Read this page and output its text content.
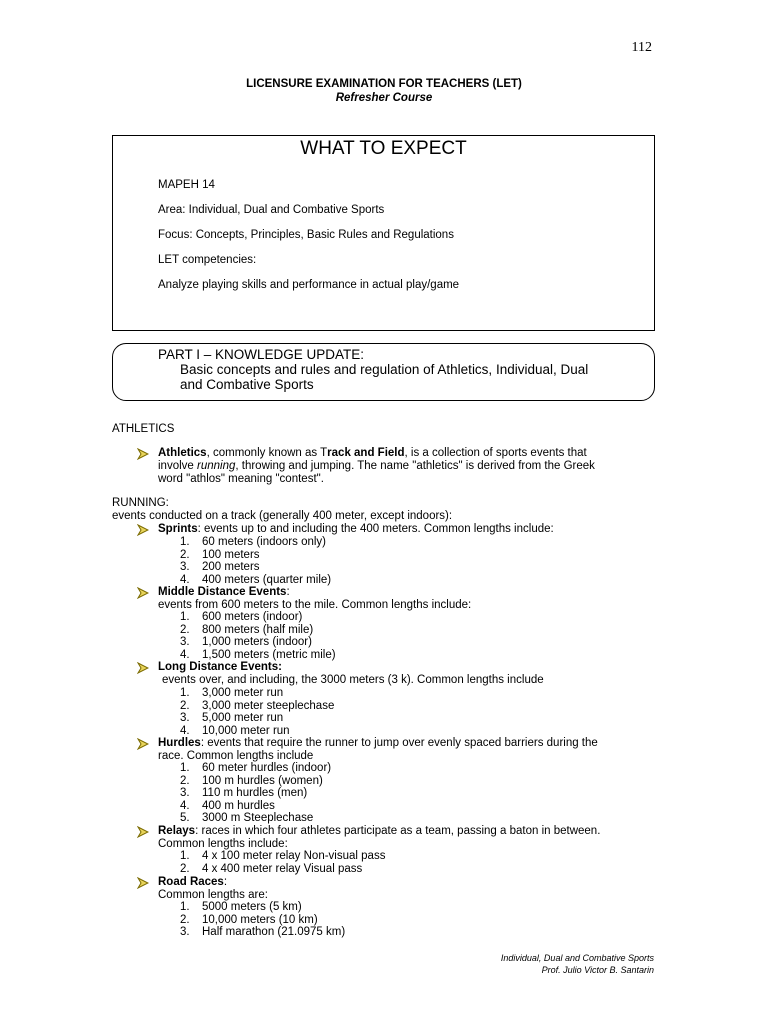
112
LICENSURE EXAMINATION FOR TEACHERS (LET)
Refresher Course
WHAT TO EXPECT
MAPEH 14
Area: Individual, Dual and Combative Sports
Focus: Concepts, Principles, Basic Rules and Regulations
LET competencies:
Analyze playing skills and performance in actual play/game
PART I – KNOWLEDGE UPDATE:
Basic concepts and rules and regulation of Athletics, Individual, Dual
and Combative Sports
ATHLETICS
Athletics, commonly known as Track and Field, is a collection of sports events that
involve running, throwing and jumping. The name "athletics" is derived from the Greek
word "athlos" meaning "contest".
RUNNING:
events conducted on a track (generally 400 meter, except indoors):
Sprints: events up to and including the 400 meters. Common lengths include:
1. 60 meters (indoors only)
2. 100 meters
3. 200 meters
4. 400 meters (quarter mile)
Middle Distance Events:
events from 600 meters to the mile. Common lengths include:
1. 600 meters (indoor)
2. 800 meters (half mile)
3. 1,000 meters (indoor)
4. 1,500 meters (metric mile)
Long Distance Events:
events over, and including, the 3000 meters (3 k). Common lengths include
1. 3,000 meter run
2. 3,000 meter steeplechase
3. 5,000 meter run
4. 10,000 meter run
Hurdles: events that require the runner to jump over evenly spaced barriers during the
race. Common lengths include
1. 60 meter hurdles (indoor)
2. 100 m hurdles (women)
3. 110 m hurdles (men)
4. 400 m hurdles
5. 3000 m Steeplechase
Relays: races in which four athletes participate as a team, passing a baton in between.
Common lengths include:
1. 4 x 100 meter relay Non-visual pass
2. 4 x 400 meter relay Visual pass
Road Races:
Common lengths are:
1. 5000 meters (5 km)
2. 10,000 meters (10 km)
3. Half marathon (21.0975 km)
Individual, Dual and Combative Sports
Prof. Julio Victor B. Santarin
